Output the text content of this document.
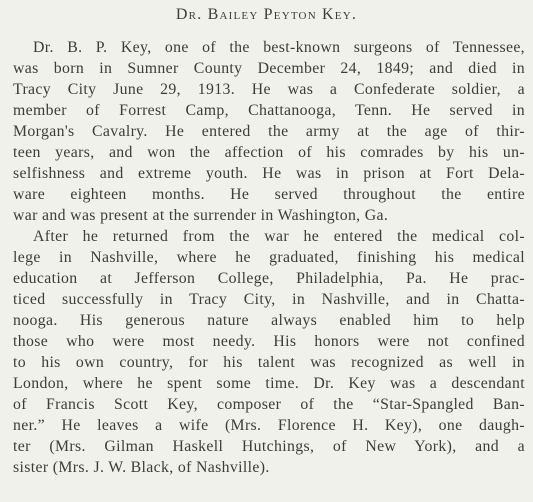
Dr. Bailey Peyton Key.
Dr. B. P. Key, one of the best-known surgeons of Tennessee,
was born in Sumner County December 24, 1849; and died in
Tracy City June 29, 1913. He was a Confederate soldier, a
member of Forrest Camp, Chattanooga, Tenn. He served in
Morgan's Cavalry. He entered the army at the age of thir-
teen years, and won the affection of his comrades by his un-
selfishness and extreme youth. He was in prison at Fort Dela-
ware eighteen months. He served throughout the entire
war and was present at the surrender in Washington, Ga.
After he returned from the war he entered the medical col-
lege in Nashville, where he graduated, finishing his medical
education at Jefferson College, Philadelphia, Pa. He prac-
ticed successfully in Tracy City, in Nashville, and in Chatta-
nooga. His generous nature always enabled him to help
those who were most needy. His honors were not confined
to his own country, for his talent was recognized as well in
London, where he spent some time. Dr. Key was a descendant
of Francis Scott Key, composer of the “Star-Spangled Ban-
ner.” He leaves a wife (Mrs. Florence H. Key), one daugh-
ter (Mrs. Gilman Haskell Hutchings, of New York), and a
sister (Mrs. J. W. Black, of Nashville).
